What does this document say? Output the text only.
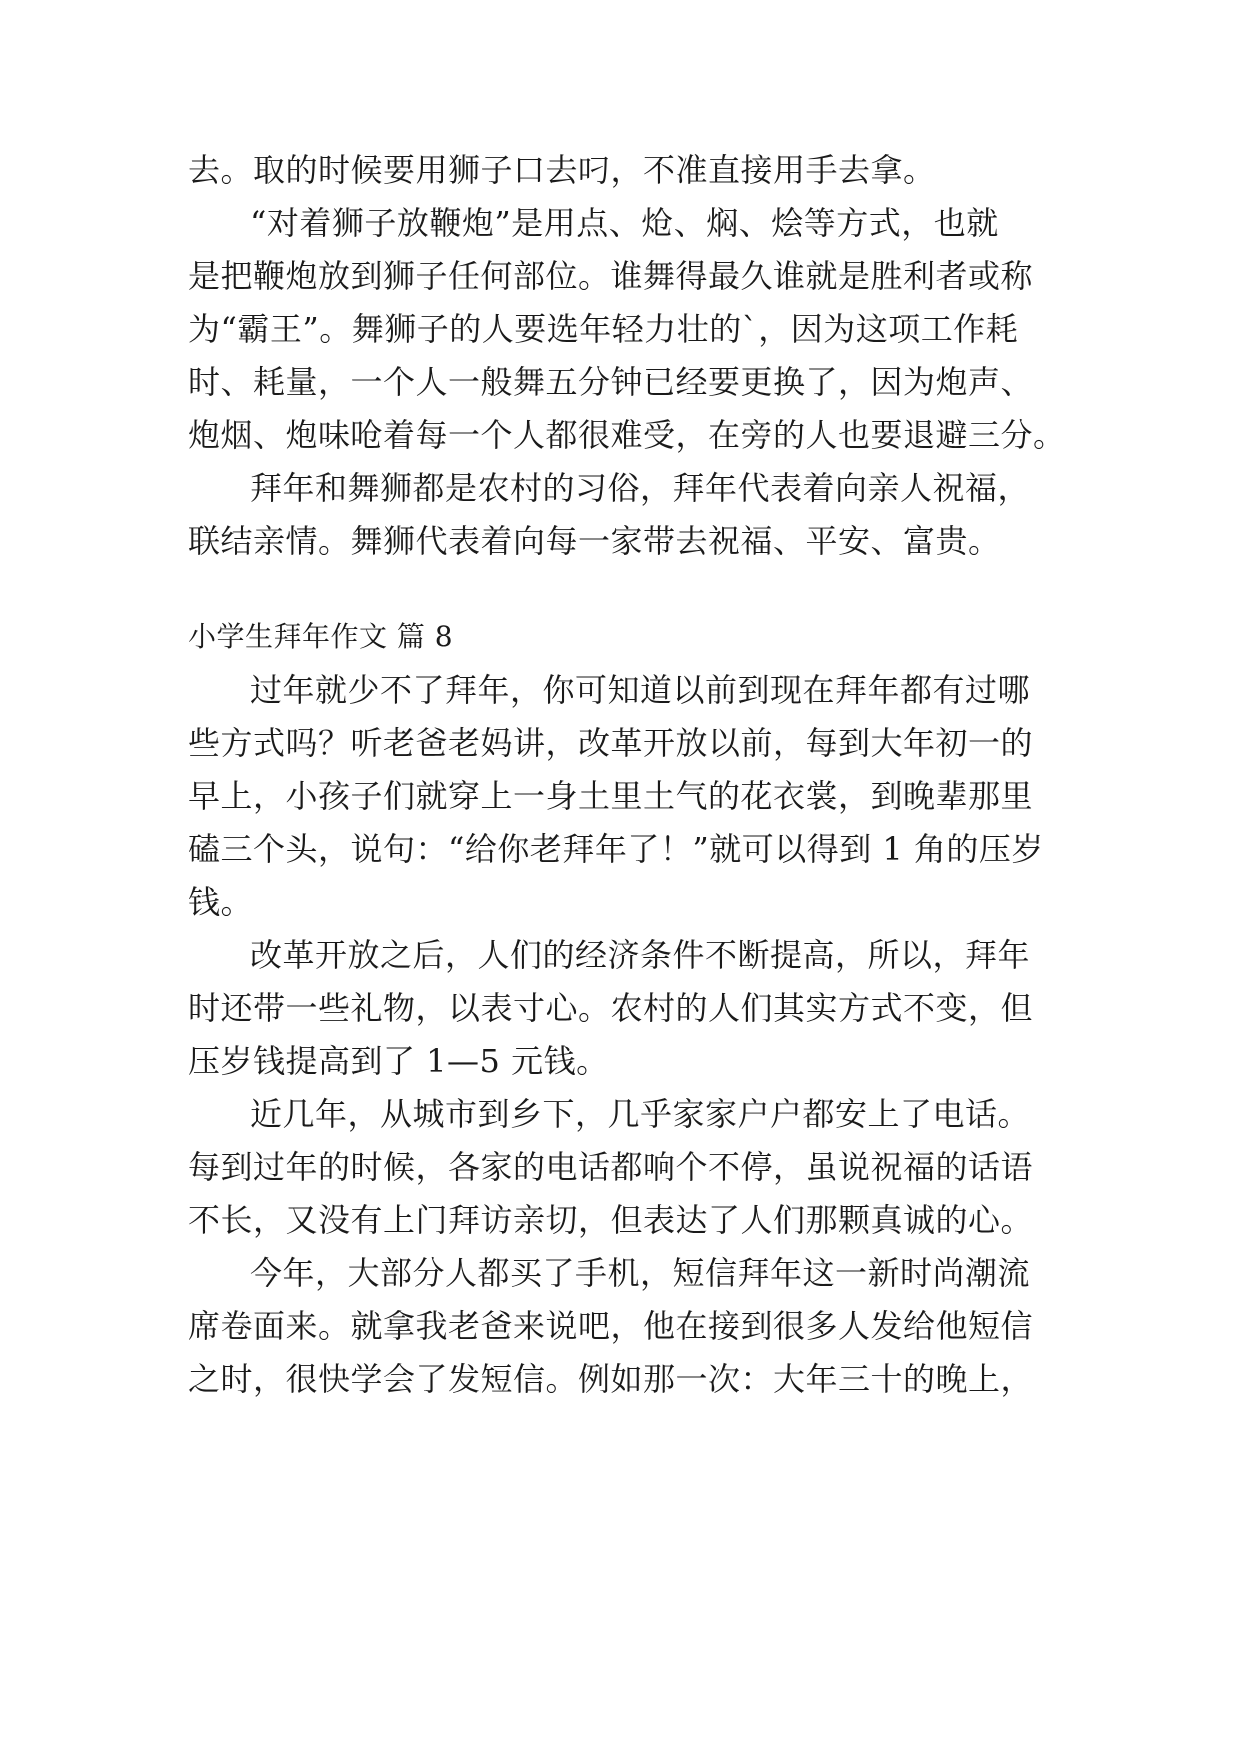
去。取的时候要用狮子口去叼，不准直接用手去拿。
“对着狮子放鞭炮”是用点、炝、焖、烩等方式，也就
是把鞭炮放到狮子任何部位。谁舞得最久谁就是胜利者或称
为“霸王”。舞狮子的人要选年轻力壮的`，因为这项工作耗
时、耗量，一个人一般舞五分钟已经要更换了，因为炮声、
炮烟、炮味呛着每一个人都很难受，在旁的人也要退避三分。
拜年和舞狮都是农村的习俗，拜年代表着向亲人祝福，
联结亲情。舞狮代表着向每一家带去祝福、平安、富贵。
小学生拜年作文 篇 8
过年就少不了拜年，你可知道以前到现在拜年都有过哪
些方式吗？听老爸老妈讲，改革开放以前，每到大年初一的
早上，小孩子们就穿上一身土里土气的花衣裳，到晚辈那里
磕三个头，说句：“给你老拜年了！”就可以得到 1 角的压岁
钱。
改革开放之后，人们的经济条件不断提高，所以，拜年
时还带一些礼物，以表寸心。农村的人们其实方式不变，但
压岁钱提高到了 1—5 元钱。
近几年，从城市到乡下，几乎家家户户都安上了电话。
每到过年的时候，各家的电话都响个不停，虽说祝福的话语
不长，又没有上门拜访亲切，但表达了人们那颗真诚的心。
今年，大部分人都买了手机，短信拜年这一新时尚潮流
席卷面来。就拿我老爸来说吧，他在接到很多人发给他短信
之时，很快学会了发短信。例如那一次：大年三十的晚上，
